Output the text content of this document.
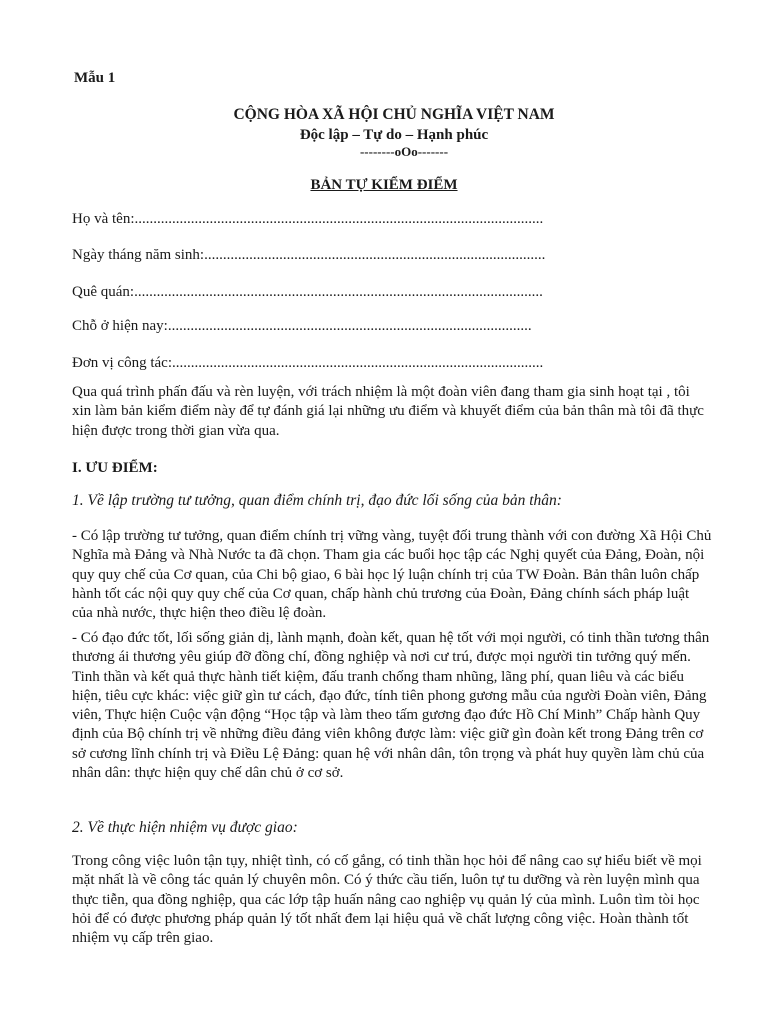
Mẫu 1
CỘNG HÒA XÃ HỘI CHỦ NGHĨA VIỆT NAM
Độc lập – Tự do – Hạnh phúc
--------oOo-------
BẢN TỰ KIỂM ĐIỂM
Họ và tên:.............................................................................................................
Ngày tháng năm sinh:...........................................................................................
Quê quán:.............................................................................................................
Chỗ ở hiện nay:.................................................................................................
Đơn vị công tác:...................................................................................................

Qua quá trình phấn đấu và rèn luyện, với trách nhiệm là một đoàn viên đang tham gia sinh hoạt tại , tôi xin làm bản kiểm điểm này để tự đánh giá lại những ưu điểm và khuyết điểm của bản thân mà tôi đã thực hiện được trong thời gian vừa qua.

I. ƯU ĐIỂM:
1. Về lập trường tư tưởng, quan điểm chính trị, đạo đức lối sống của bản thân:

- Có lập trường tư tưởng, quan điểm chính trị vững vàng, tuyệt đối trung thành với con đường Xã Hội Chủ Nghĩa mà Đảng và Nhà Nước ta đã chọn. Tham gia các buổi học tập các Nghị quyết của Đảng, Đoàn, nội quy quy chế của Cơ quan, của Chi bộ giao, 6 bài học lý luận chính trị của TW Đoàn. Bản thân luôn chấp hành tốt các nội quy quy chế của Cơ quan, chấp hành chủ trương của Đoàn, Đảng chính sách pháp luật của nhà nước, thực hiện theo điều lệ đoàn.

- Có đạo đức tốt, lối sống giản dị, lành mạnh, đoàn kết, quan hệ tốt với mọi người, có tinh thần tương thân thương ái thương yêu giúp đỡ đồng chí, đồng nghiệp và nơi cư trú, được mọi người tin tưởng quý mến. Tinh thần và kết quả thực hành tiết kiệm, đấu tranh chống tham nhũng, lãng phí, quan liêu và các biểu hiện, tiêu cực khác: việc giữ gìn tư cách, đạo đức, tính tiên phong gương mẫu của người Đoàn viên, Đảng viên, Thực hiện Cuộc vận động “Học tập và làm theo tấm gương đạo đức Hồ Chí Minh” Chấp hành Quy định của Bộ chính trị về những điều đảng viên không được làm: việc giữ gìn đoàn kết trong Đảng trên cơ sở cương lĩnh chính trị và Điều Lệ Đảng: quan hệ với nhân dân, tôn trọng và phát huy quyền làm chủ của nhân dân: thực hiện quy chế dân chủ ở cơ sở.

2. Về thực hiện nhiệm vụ được giao:

Trong công việc luôn tận tụy, nhiệt tình, có cố gắng, có tinh thần học hỏi để nâng cao sự hiểu biết về mọi mặt nhất là về công tác quản lý chuyên môn. Có ý thức cầu tiến, luôn tự tu dưỡng và rèn luyện mình qua thực tiễn, qua đồng nghiệp, qua các lớp tập huấn nâng cao nghiệp vụ quản lý của mình. Luôn tìm tòi học hỏi để có được phương pháp quản lý tốt nhất đem lại hiệu quả về chất lượng công việc. Hoàn thành tốt nhiệm vụ cấp trên giao.
